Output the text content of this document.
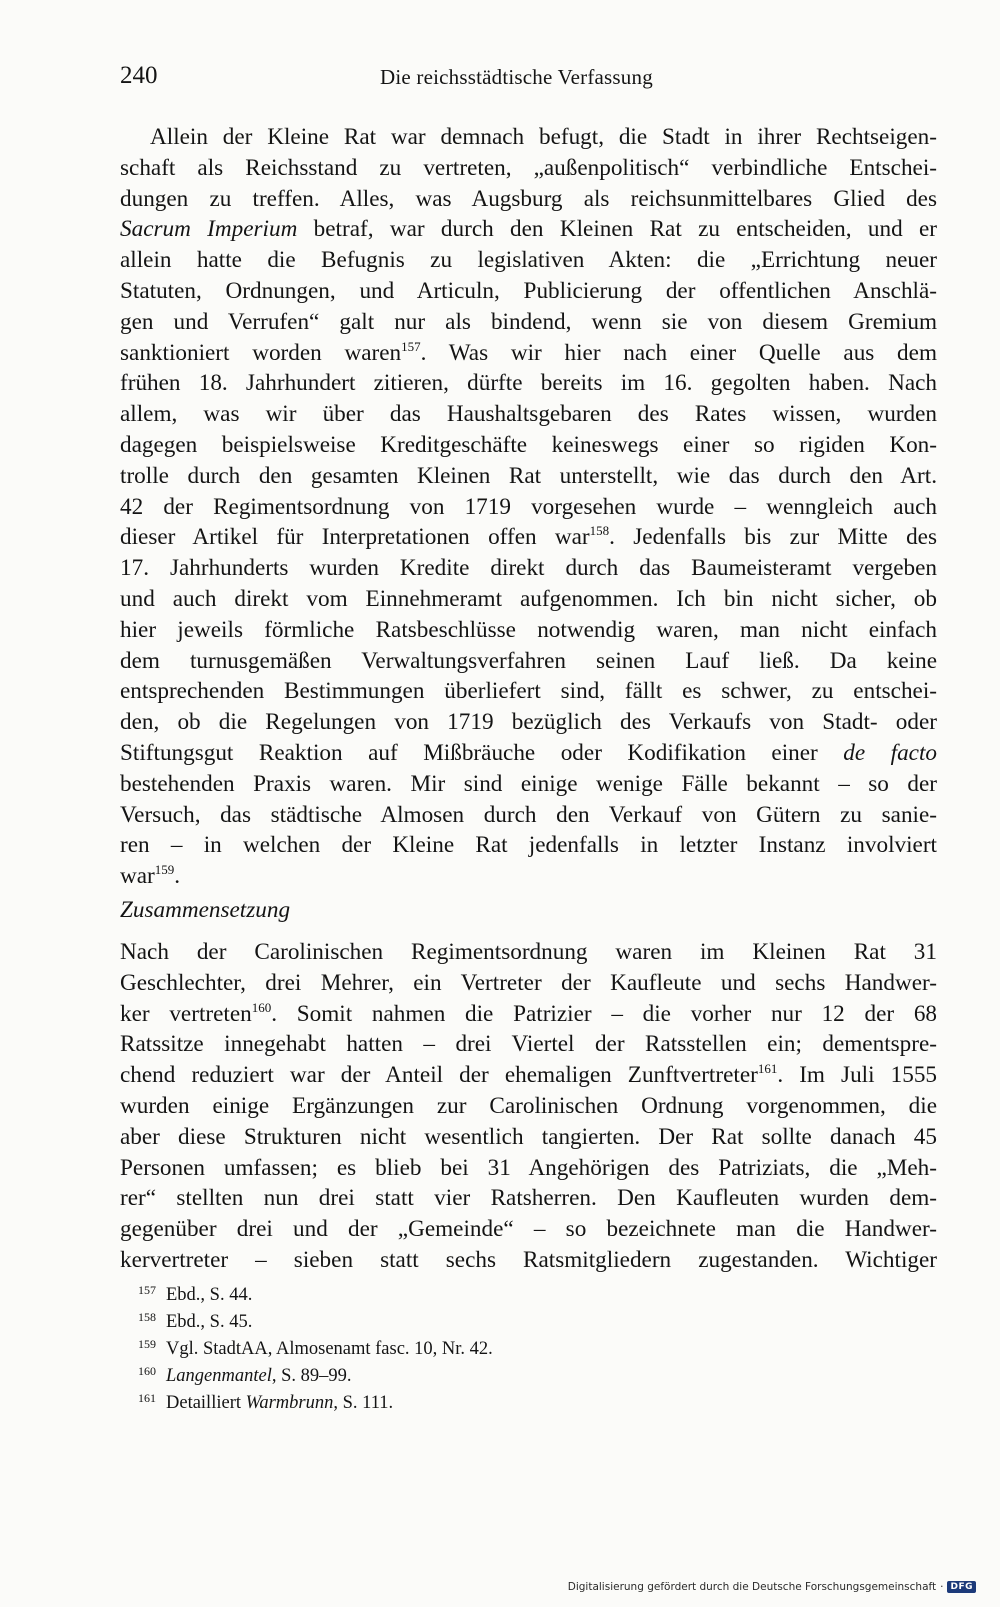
240	Die reichsstädtische Verfassung
Allein der Kleine Rat war demnach befugt, die Stadt in ihrer Rechtseigen-
schaft als Reichsstand zu vertreten, „außenpolitisch“ verbindliche Entschei-
dungen zu treffen. Alles, was Augsburg als reichsunmittelbares Glied des
Sacrum Imperium betraf, war durch den Kleinen Rat zu entscheiden, und er
allein hatte die Befugnis zu legislativen Akten: die „Errichtung neuer
Statuten, Ordnungen, und Articuln, Publicierung der offentlichen Anschlä-
gen und Verrufen“ galt nur als bindend, wenn sie von diesem Gremium
sanktioniert worden waren$^{157}$. Was wir hier nach einer Quelle aus dem
frühen 18. Jahrhundert zitieren, dürfte bereits im 16. gegolten haben. Nach
allem, was wir über das Haushaltsgebaren des Rates wissen, wurden
dagegen beispielsweise Kreditgeschäfte keineswegs einer so rigiden Kon-
trolle durch den gesamten Kleinen Rat unterstellt, wie das durch den Art.
42 der Regimentsordnung von 1719 vorgesehen wurde – wenngleich auch
dieser Artikel für Interpretationen offen war$^{158}$. Jedenfalls bis zur Mitte des
17. Jahrhunderts wurden Kredite direkt durch das Baumeisteramt vergeben
und auch direkt vom Einnehmeramt aufgenommen. Ich bin nicht sicher, ob
hier jeweils förmliche Ratsbeschlüsse notwendig waren, man nicht einfach
dem turnusgemäßen Verwaltungsverfahren seinen Lauf ließ. Da keine
entsprechenden Bestimmungen überliefert sind, fällt es schwer, zu entschei-
den, ob die Regelungen von 1719 bezüglich des Verkaufs von Stadt- oder
Stiftungsgut Reaktion auf Mißbräuche oder Kodifikation einer de facto
bestehenden Praxis waren. Mir sind einige wenige Fälle bekannt – so der
Versuch, das städtische Almosen durch den Verkauf von Gütern zu sanie-
ren – in welchen der Kleine Rat jedenfalls in letzter Instanz involviert
war$^{159}$.
Zusammensetzung
Nach der Carolinischen Regimentsordnung waren im Kleinen Rat 31
Geschlechter, drei Mehrer, ein Vertreter der Kaufleute und sechs Handwer-
ker vertreten$^{160}$. Somit nahmen die Patrizier – die vorher nur 12 der 68
Ratssitze innegehabt hatten – drei Viertel der Ratsstellen ein; dementspre-
chend reduziert war der Anteil der ehemaligen Zunftvertreter$^{161}$. Im Juli 1555
wurden einige Ergänzungen zur Carolinischen Ordnung vorgenommen, die
aber diese Strukturen nicht wesentlich tangierten. Der Rat sollte danach 45
Personen umfassen; es blieb bei 31 Angehörigen des Patriziats, die „Meh-
rer“ stellten nun drei statt vier Ratsherren. Den Kaufleuten wurden dem-
gegenüber drei und der „Gemeinde“ – so bezeichnete man die Handwer-
kervertreter – sieben statt sechs Ratsmitgliedern zugestanden. Wichtiger
157 Ebd., S. 44.
158 Ebd., S. 45.
159 Vgl. StadtAA, Almosenamt fasc. 10, Nr. 42.
160 Langenmantel, S. 89–99.
161 Detailliert Warmbrunn, S. 111.
Digitalisierung gefördert durch die Deutsche Forschungsgemeinschaft · DFG
